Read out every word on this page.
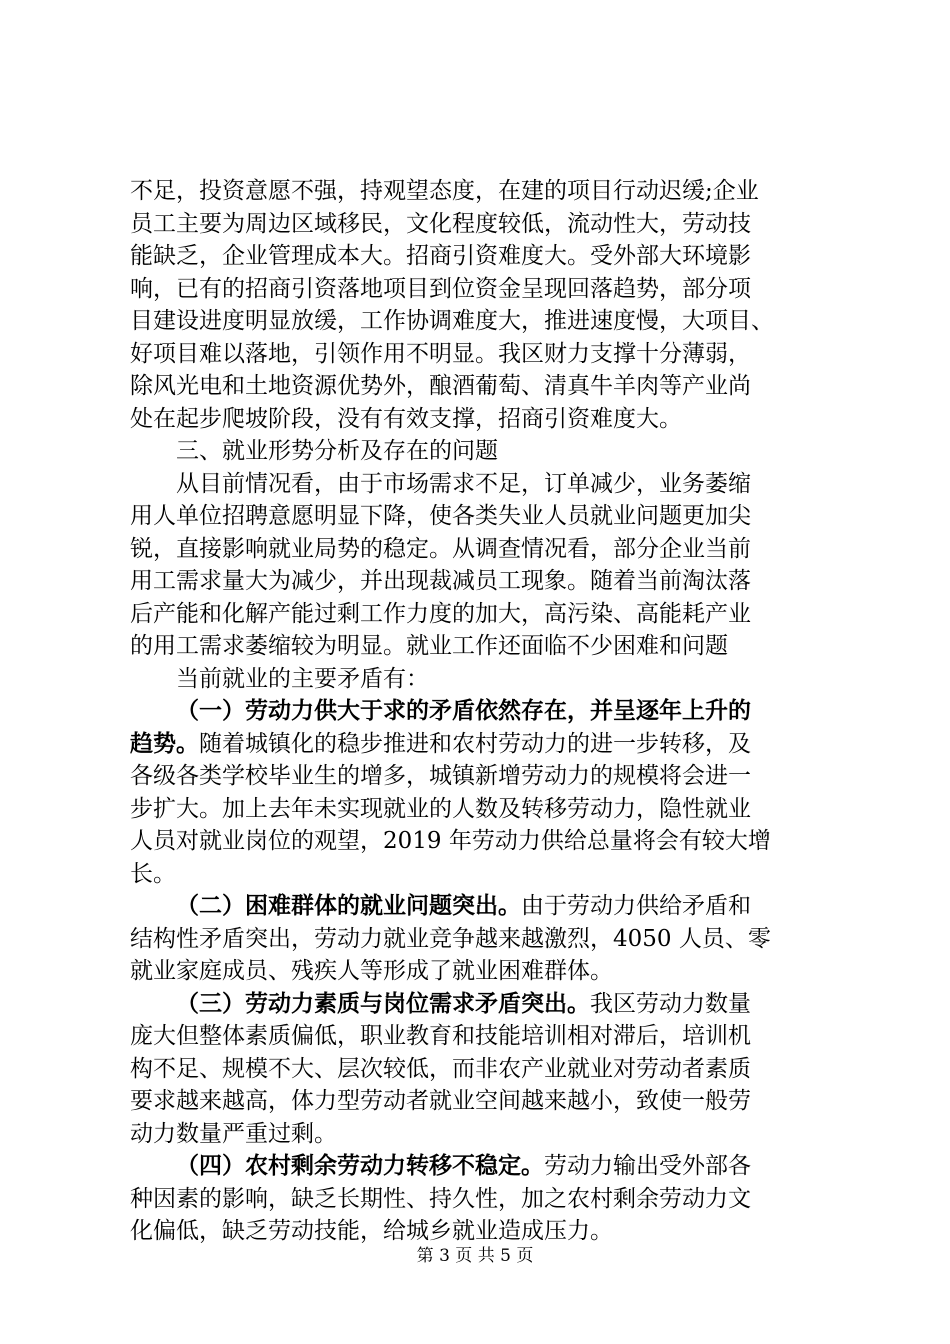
不足，投资意愿不强，持观望态度，在建的项目行动迟缓;企业
员工主要为周边区域移民，文化程度较低，流动性大，劳动技
能缺乏，企业管理成本大。招商引资难度大。受外部大环境影
响，已有的招商引资落地项目到位资金呈现回落趋势，部分项
目建设进度明显放缓，工作协调难度大，推进速度慢，大项目、
好项目难以落地，引领作用不明显。我区财力支撑十分薄弱，
除风光电和土地资源优势外，酿酒葡萄、清真牛羊肉等产业尚
处在起步爬坡阶段，没有有效支撑，招商引资难度大。
三、就业形势分析及存在的问题
从目前情况看，由于市场需求不足，订单减少，业务萎缩
用人单位招聘意愿明显下降，使各类失业人员就业问题更加尖
锐，直接影响就业局势的稳定。从调查情况看，部分企业当前
用工需求量大为减少，并出现裁减员工现象。随着当前淘汰落
后产能和化解产能过剩工作力度的加大，高污染、高能耗产业
的用工需求萎缩较为明显。就业工作还面临不少困难和问题
当前就业的主要矛盾有：
（一）劳动力供大于求的矛盾依然存在，并呈逐年上升的
趋势。随着城镇化的稳步推进和农村劳动力的进一步转移，及
各级各类学校毕业生的增多，城镇新增劳动力的规模将会进一
步扩大。加上去年未实现就业的人数及转移劳动力，隐性就业
人员对就业岗位的观望，2019 年劳动力供给总量将会有较大增
长。
（二）困难群体的就业问题突出。由于劳动力供给矛盾和
结构性矛盾突出，劳动力就业竞争越来越激烈，4050 人员、零
就业家庭成员、残疾人等形成了就业困难群体。
（三）劳动力素质与岗位需求矛盾突出。我区劳动力数量
庞大但整体素质偏低，职业教育和技能培训相对滞后，培训机
构不足、规模不大、层次较低，而非农产业就业对劳动者素质
要求越来越高，体力型劳动者就业空间越来越小，致使一般劳
动力数量严重过剩。
（四）农村剩余劳动力转移不稳定。劳动力输出受外部各
种因素的影响，缺乏长期性、持久性，加之农村剩余劳动力文
化偏低，缺乏劳动技能，给城乡就业造成压力。
第 3 页 共 5 页
